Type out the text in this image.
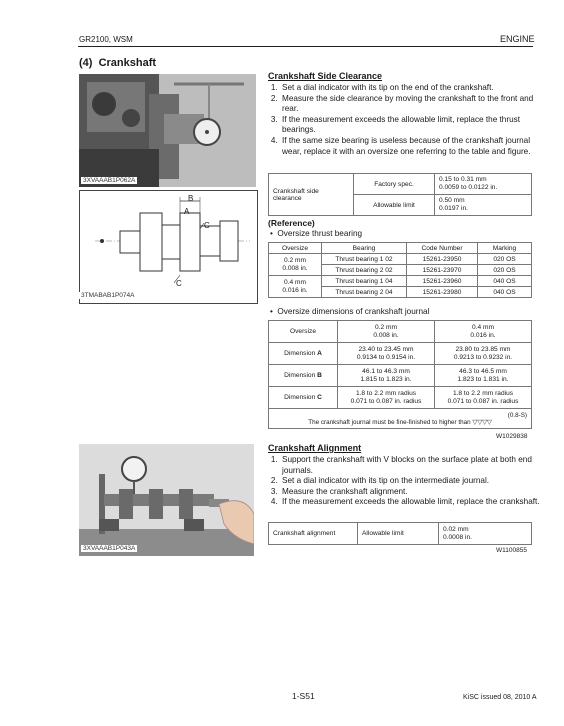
GR2100, WSM	ENGINE
(4) Crankshaft
3XVAAAB1P062A
B
A
C
C
3TMABAB1P074A
Crankshaft Side Clearance
1. Set a dial indicator with its tip on the end of the crankshaft.
2. Measure the side clearance by moving the crankshaft to the front and rear.
3. If the measurement exceeds the allowable limit, replace the thrust bearings.
4. If the same size bearing is useless because of the crankshaft journal wear, replace it with an oversize one referring to the table and figure.
Crankshaft side clearance	Factory spec.	0.15 to 0.31 mm
0.0059 to 0.0122 in.
	Allowable limit	0.50 mm
0.0197 in.
(Reference)
•  Oversize thrust bearing
Oversize	Bearing	Code Number	Marking
0.2 mm
0.008 in.	Thrust bearing 1 02	15261-23950	020 OS
	Thrust bearing 2 02	15261-23970	020 OS
0.4 mm
0.016 in.	Thrust bearing 1 04	15261-23960	040 OS
	Thrust bearing 2 04	15261-23980	040 OS
•  Oversize dimensions of crankshaft journal
Oversize	0.2 mm
0.008 in.	0.4 mm
0.016 in.
Dimension A	23.40 to 23.45 mm
0.9134 to 0.9154 in.	23.80 to 23.85 mm
0.9213 to 0.9232 in.
Dimension B	46.1 to 46.3 mm
1.815 to 1.823 in.	46.3 to 46.5 mm
1.823 to 1.831 in.
Dimension C	1.8 to 2.2 mm radius
0.071 to 0.087 in. radius	1.8 to 2.2 mm radius
0.071 to 0.087 in. radius

(0.8-S)
The crankshaft journal must be fine-finished to higher than ▽▽▽▽		
W1029838
3XVAAAB1P043A
Crankshaft Alignment
1. Support the crankshaft with V blocks on the surface plate at both end journals.
2. Set a dial indicator with its tip on the intermediate journal.
3. Measure the crankshaft alignment.
4. If the measurement exceeds the allowable limit, replace the crankshaft.
Crankshaft alignment	Allowable limit	0.02 mm
0.0008 in.
W1100855
1-S51	KiSC issued 08, 2010 A
